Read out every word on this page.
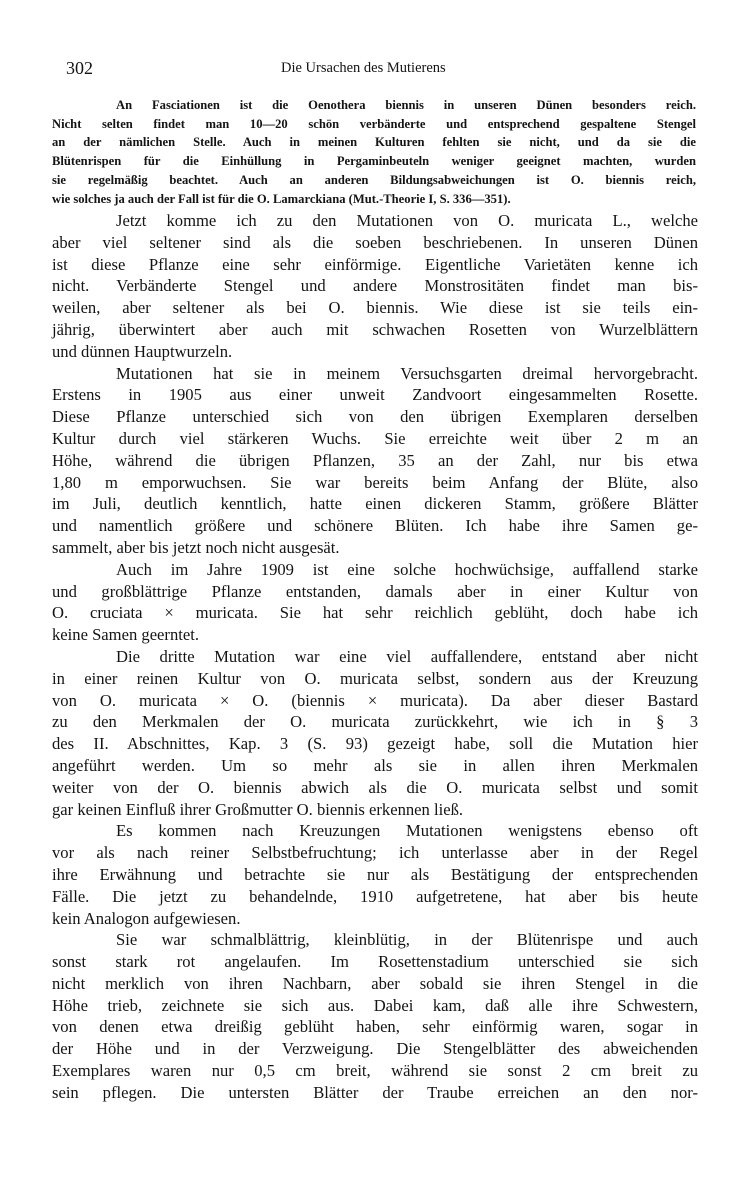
302	Die Ursachen des Mutierens
An Fasciationen ist die Oenothera biennis in unseren Dünen besonders reich.
Nicht selten findet man 10—20 schön verbänderte und entsprechend gespaltene Stengel
an der nämlichen Stelle. Auch in meinen Kulturen fehlten sie nicht, und da sie die
Blütenrispen für die Einhüllung in Pergaminbeuteln weniger geeignet machten, wurden
sie regelmäßig beachtet. Auch an anderen Bildungsabweichungen ist O. biennis reich,
wie solches ja auch der Fall ist für die O. Lamarckiana (Mut.-Theorie I, S. 336—351).
Jetzt komme ich zu den Mutationen von O. muricata L., welche
aber viel seltener sind als die soeben beschriebenen. In unseren Dünen
ist diese Pflanze eine sehr einförmige. Eigentliche Varietäten kenne ich
nicht. Verbänderte Stengel und andere Monstrositäten findet man bis-
weilen, aber seltener als bei O. biennis. Wie diese ist sie teils ein-
jährig, überwintert aber auch mit schwachen Rosetten von Wurzelblättern
und dünnen Hauptwurzeln.
Mutationen hat sie in meinem Versuchsgarten dreimal hervorgebracht.
Erstens in 1905 aus einer unweit Zandvoort eingesammelten Rosette.
Diese Pflanze unterschied sich von den übrigen Exemplaren derselben
Kultur durch viel stärkeren Wuchs. Sie erreichte weit über 2 m an
Höhe, während die übrigen Pflanzen, 35 an der Zahl, nur bis etwa
1,80 m emporwuchsen. Sie war bereits beim Anfang der Blüte, also
im Juli, deutlich kenntlich, hatte einen dickeren Stamm, größere Blätter
und namentlich größere und schönere Blüten. Ich habe ihre Samen ge-
sammelt, aber bis jetzt noch nicht ausgesät.
Auch im Jahre 1909 ist eine solche hochwüchsige, auffallend starke
und großblättrige Pflanze entstanden, damals aber in einer Kultur von
O. cruciata × muricata. Sie hat sehr reichlich geblüht, doch habe ich
keine Samen geerntet.
Die dritte Mutation war eine viel auffallendere, entstand aber nicht
in einer reinen Kultur von O. muricata selbst, sondern aus der Kreuzung
von O. muricata × O. (biennis × muricata). Da aber dieser Bastard
zu den Merkmalen der O. muricata zurückkehrt, wie ich in § 3
des II. Abschnittes, Kap. 3 (S. 93) gezeigt habe, soll die Mutation hier
angeführt werden. Um so mehr als sie in allen ihren Merkmalen
weiter von der O. biennis abwich als die O. muricata selbst und somit
gar keinen Einfluß ihrer Großmutter O. biennis erkennen ließ.
Es kommen nach Kreuzungen Mutationen wenigstens ebenso oft
vor als nach reiner Selbstbefruchtung; ich unterlasse aber in der Regel
ihre Erwähnung und betrachte sie nur als Bestätigung der entsprechenden
Fälle. Die jetzt zu behandelnde, 1910 aufgetretene, hat aber bis heute
kein Analogon aufgewiesen.
Sie war schmalblättrig, kleinblütig, in der Blütenrispe und auch
sonst stark rot angelaufen. Im Rosettenstadium unterschied sie sich
nicht merklich von ihren Nachbarn, aber sobald sie ihren Stengel in die
Höhe trieb, zeichnete sie sich aus. Dabei kam, daß alle ihre Schwestern,
von denen etwa dreißig geblüht haben, sehr einförmig waren, sogar in
der Höhe und in der Verzweigung. Die Stengelblätter des abweichenden
Exemplares waren nur 0,5 cm breit, während sie sonst 2 cm breit zu
sein pflegen. Die untersten Blätter der Traube erreichen an den nor-
